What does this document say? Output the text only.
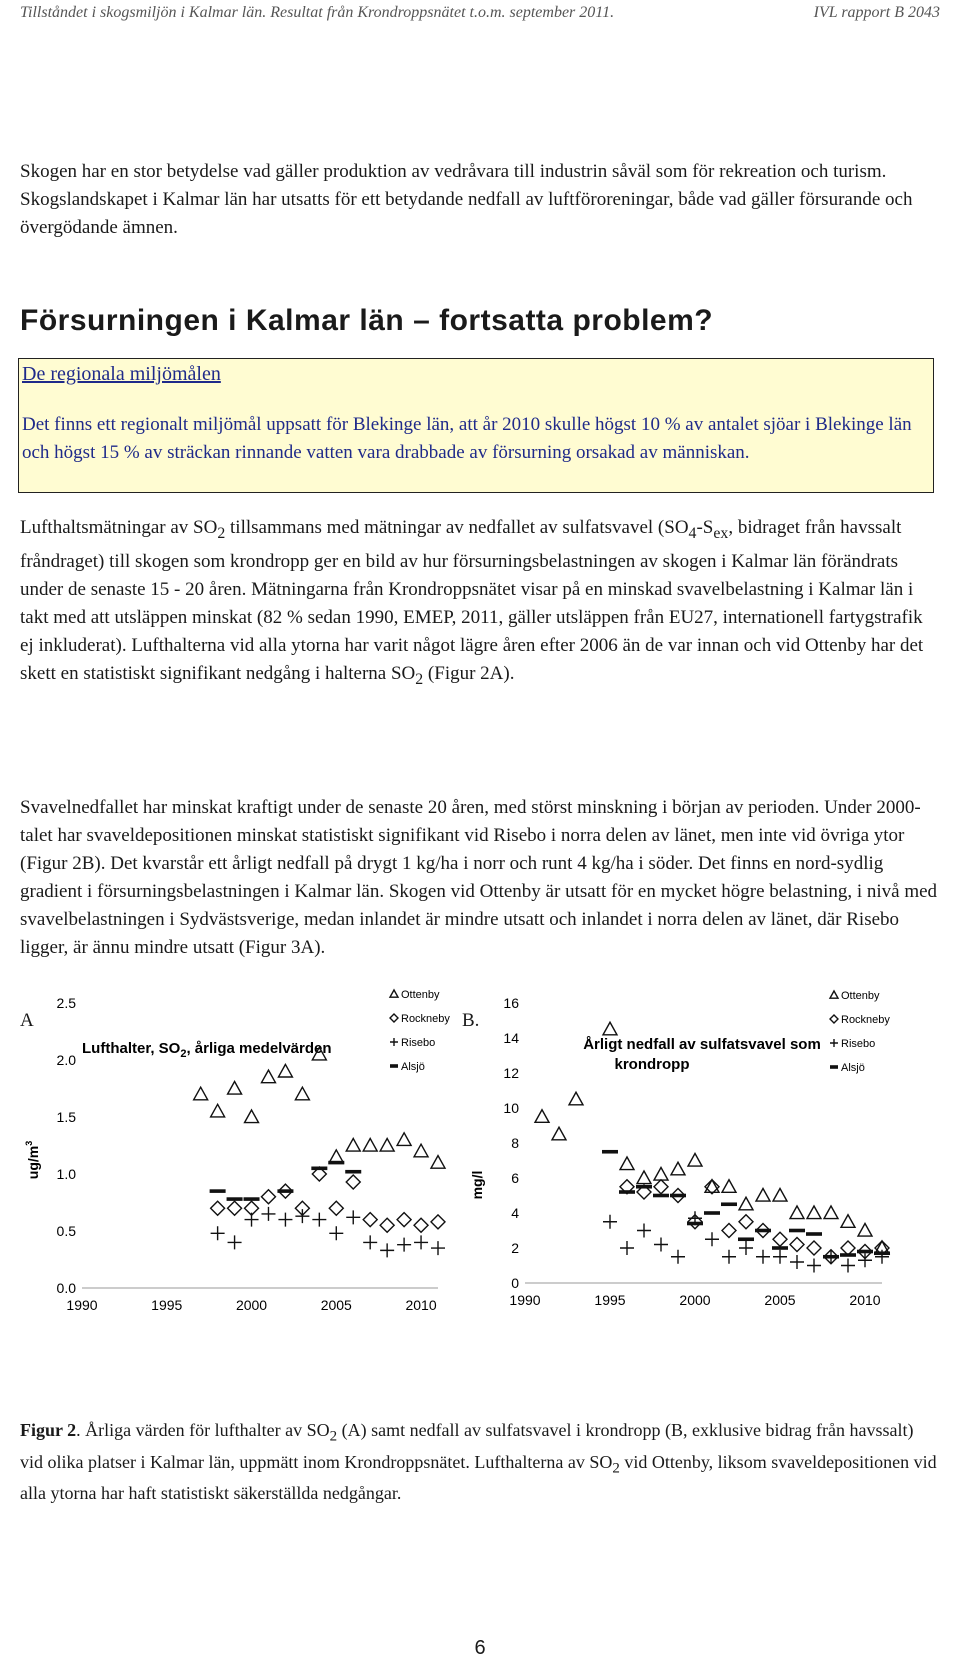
Tillståndet i skogsmiljön i Kalmar län. Resultat från Krondroppsnätet t.o.m. september 2011.	IVL rapport B 2043
Skogen har en stor betydelse vad gäller produktion av vedråvara till industrin såväl som för rekreation och turism. Skogslandskapet i Kalmar län har utsatts för ett betydande nedfall av luftföroreningar, både vad gäller försurande och övergödande ämnen.
Försurningen i Kalmar län – fortsatta problem?
De regionala miljömålen
Det finns ett regionalt miljömål uppsatt för Blekinge län, att år 2010 skulle högst 10 % av antalet sjöar i Blekinge län och högst 15 % av sträckan rinnande vatten vara drabbade av försurning orsakad av människan.
Lufthaltsmätningar av $SO_2$ tillsammans med mätningar av nedfallet av sulfatsvavel ($SO_4-S_{ex}$, bidraget från havssalt fråndraget) till skogen som krondropp ger en bild av hur försurningsbelastningen av skogen i Kalmar län förändrats under de senaste 15 - 20 åren. Mätningarna från Krondroppsnätet visar på en minskad svavelbelastning i Kalmar län i takt med att utsläppen minskat (82 % sedan 1990, EMEP, 2011, gäller utsläppen från EU27, internationell fartygstrafik ej inkluderat). Lufthalterna vid alla ytorna har varit något lägre åren efter 2006 än de var innan och vid Ottenby har det skett en statistiskt signifikant nedgång i halterna $SO_2$ (Figur 2A).
Svavelnedfallet har minskat kraftigt under de senaste 20 åren, med störst minskning i början av perioden. Under 2000-talet har svaveldepositionen minskat statistiskt signifikant vid Risebo i norra delen av länet, men inte vid övriga ytor (Figur 2B). Det kvarstår ett årligt nedfall på drygt 1 kg/ha i norr och runt 4 kg/ha i söder. Det finns en nord-sydlig gradient i försurningsbelastningen i Kalmar län. Skogen vid Ottenby är utsatt för en mycket högre belastning, i nivå med svavelbelastningen i Sydvästsverige, medan inlandet är mindre utsatt och inlandet i norra delen av länet, där Risebo ligger, är ännu mindre utsatt (Figur 3A).
A	B.
Lufthalter, $SO_2$, årliga medelvärden
$ug/m^3$
0.0
0.5
1.0
1.5
2.0
2.5
1990	1995	2000	2005	2010
Ottenby
Rockneby
Risebo
Alsjö
Årligt nedfall av sulfatsvavel som
krondropp
mg/l
0
2
4
6
8
10
12
14
16
1990	1995	2000	2005	2010
Ottenby
Rockneby
Risebo
Alsjö
Figur 2. Årliga värden för lufthalter av $SO_2$ (A) samt nedfall av sulfatsvavel i krondropp (B, exklusive bidrag från havssalt) vid olika platser i Kalmar län, uppmätt inom Krondroppsnätet. Lufthalterna av $SO_2$ vid Ottenby, liksom svaveldepositionen vid alla ytorna har haft statistiskt säkerställda nedgångar.
6
